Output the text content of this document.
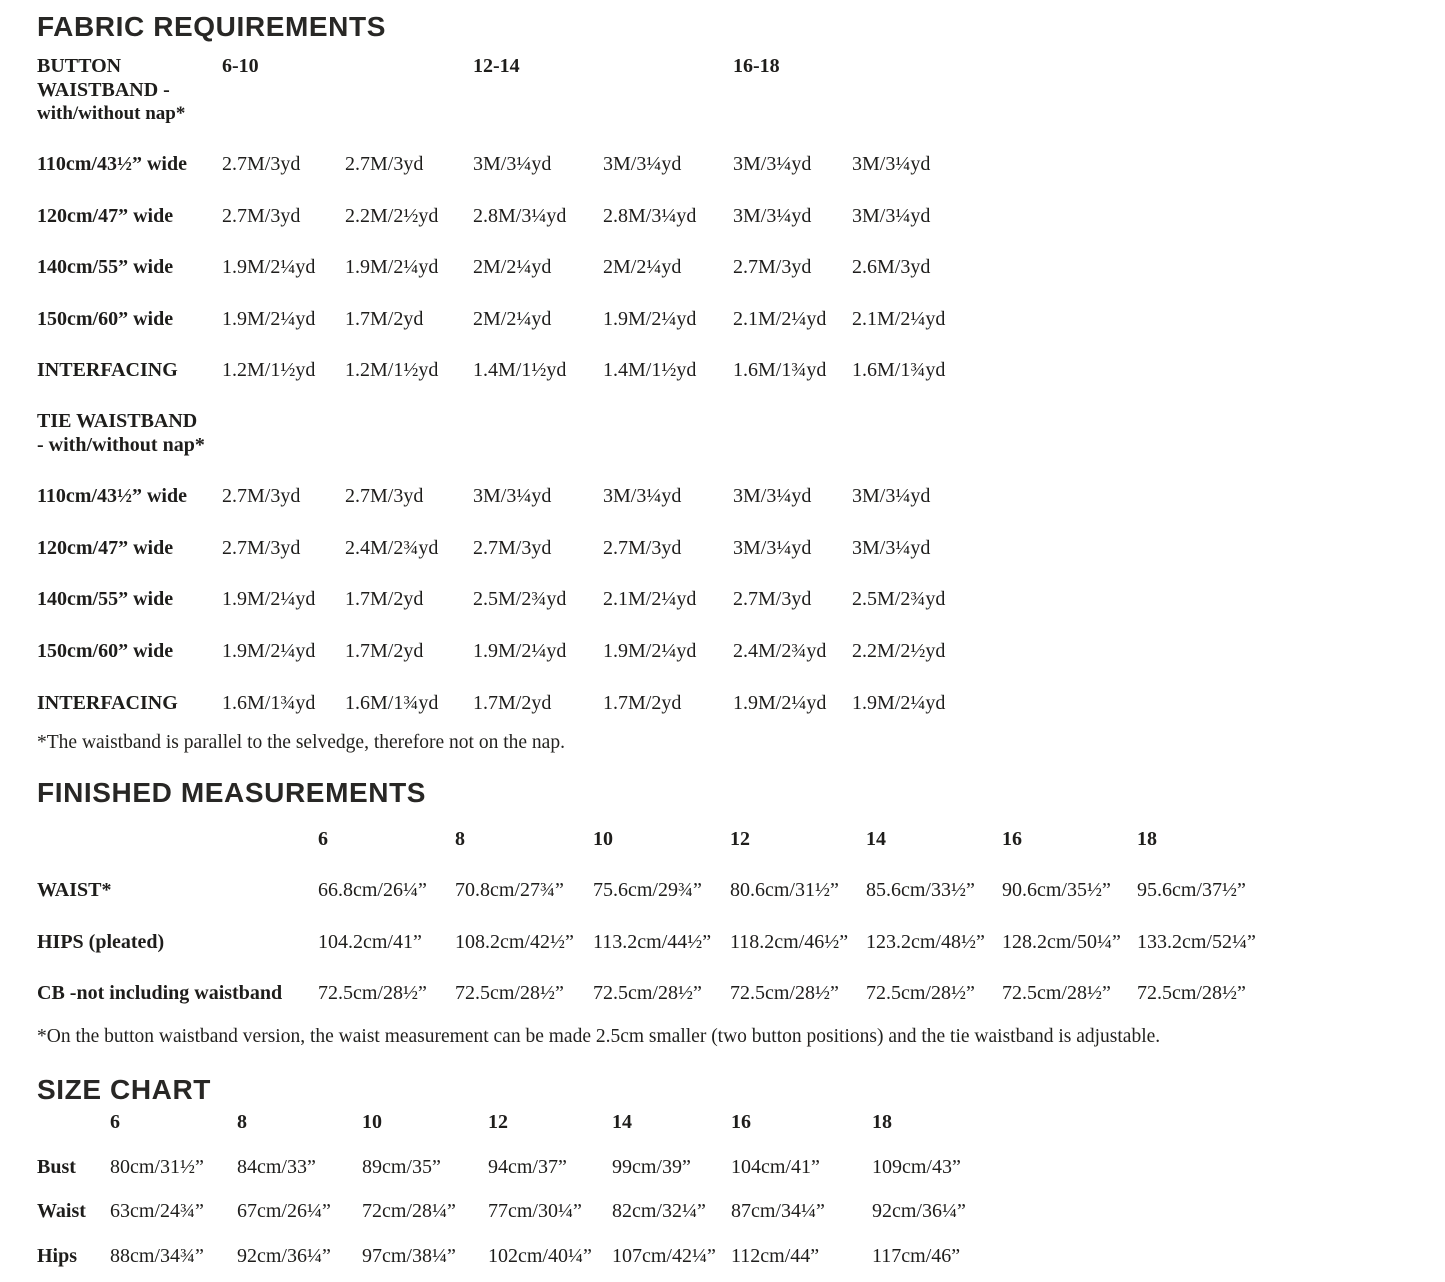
FABRIC REQUIREMENTS
BUTTON
WAISTBAND -
with/without nap*
6-10	12-14	16-18
110cm/43½” wide	2.7M/3yd	2.7M/3yd	3M/3¼yd	3M/3¼yd	3M/3¼yd	3M/3¼yd
120cm/47” wide	2.7M/3yd	2.2M/2½yd	2.8M/3¼yd	2.8M/3¼yd	3M/3¼yd	3M/3¼yd
140cm/55” wide	1.9M/2¼yd	1.9M/2¼yd	2M/2¼yd	2M/2¼yd	2.7M/3yd	2.6M/3yd
150cm/60” wide	1.9M/2¼yd	1.7M/2yd	2M/2¼yd	1.9M/2¼yd	2.1M/2¼yd	2.1M/2¼yd
INTERFACING	1.2M/1½yd	1.2M/1½yd	1.4M/1½yd	1.4M/1½yd	1.6M/1¾yd	1.6M/1¾yd
TIE WAISTBAND
- with/without nap*
110cm/43½” wide	2.7M/3yd	2.7M/3yd	3M/3¼yd	3M/3¼yd	3M/3¼yd	3M/3¼yd
120cm/47” wide	2.7M/3yd	2.4M/2¾yd	2.7M/3yd	2.7M/3yd	3M/3¼yd	3M/3¼yd
140cm/55” wide	1.9M/2¼yd	1.7M/2yd	2.5M/2¾yd	2.1M/2¼yd	2.7M/3yd	2.5M/2¾yd
150cm/60” wide	1.9M/2¼yd	1.7M/2yd	1.9M/2¼yd	1.9M/2¼yd	2.4M/2¾yd	2.2M/2½yd
INTERFACING	1.6M/1¾yd	1.6M/1¾yd	1.7M/2yd	1.7M/2yd	1.9M/2¼yd	1.9M/2¼yd
*The waistband is parallel to the selvedge, therefore not on the nap.
FINISHED MEASUREMENTS
6	8	10	12	14	16	18
WAIST*	66.8cm/26¼”	70.8cm/27¾”	75.6cm/29¾”	80.6cm/31½”	85.6cm/33½”	90.6cm/35½”	95.6cm/37½”
HIPS (pleated)	104.2cm/41”	108.2cm/42½” 113.2cm/44½” 118.2cm/46½” 123.2cm/48½” 128.2cm/50¼” 133.2cm/52¼”
CB -not including waistband	72.5cm/28½”	72.5cm/28½”	72.5cm/28½”	72.5cm/28½”	72.5cm/28½”	72.5cm/28½”	72.5cm/28½”
*On the button waistband version, the waist measurement can be made 2.5cm smaller (two button positions) and the tie waistband is adjustable.
SIZE CHART
6	8	10	12	14	16	18
Bust	80cm/31½”	84cm/33”	89cm/35”	94cm/37”	99cm/39”	104cm/41”	109cm/43”
Waist	63cm/24¾”	67cm/26¼”	72cm/28¼”	77cm/30¼”	82cm/32¼”	87cm/34¼”	92cm/36¼”
Hips	88cm/34¾”	92cm/36¼”	97cm/38¼”	102cm/40¼”	107cm/42¼” 112cm/44”	117cm/46”
